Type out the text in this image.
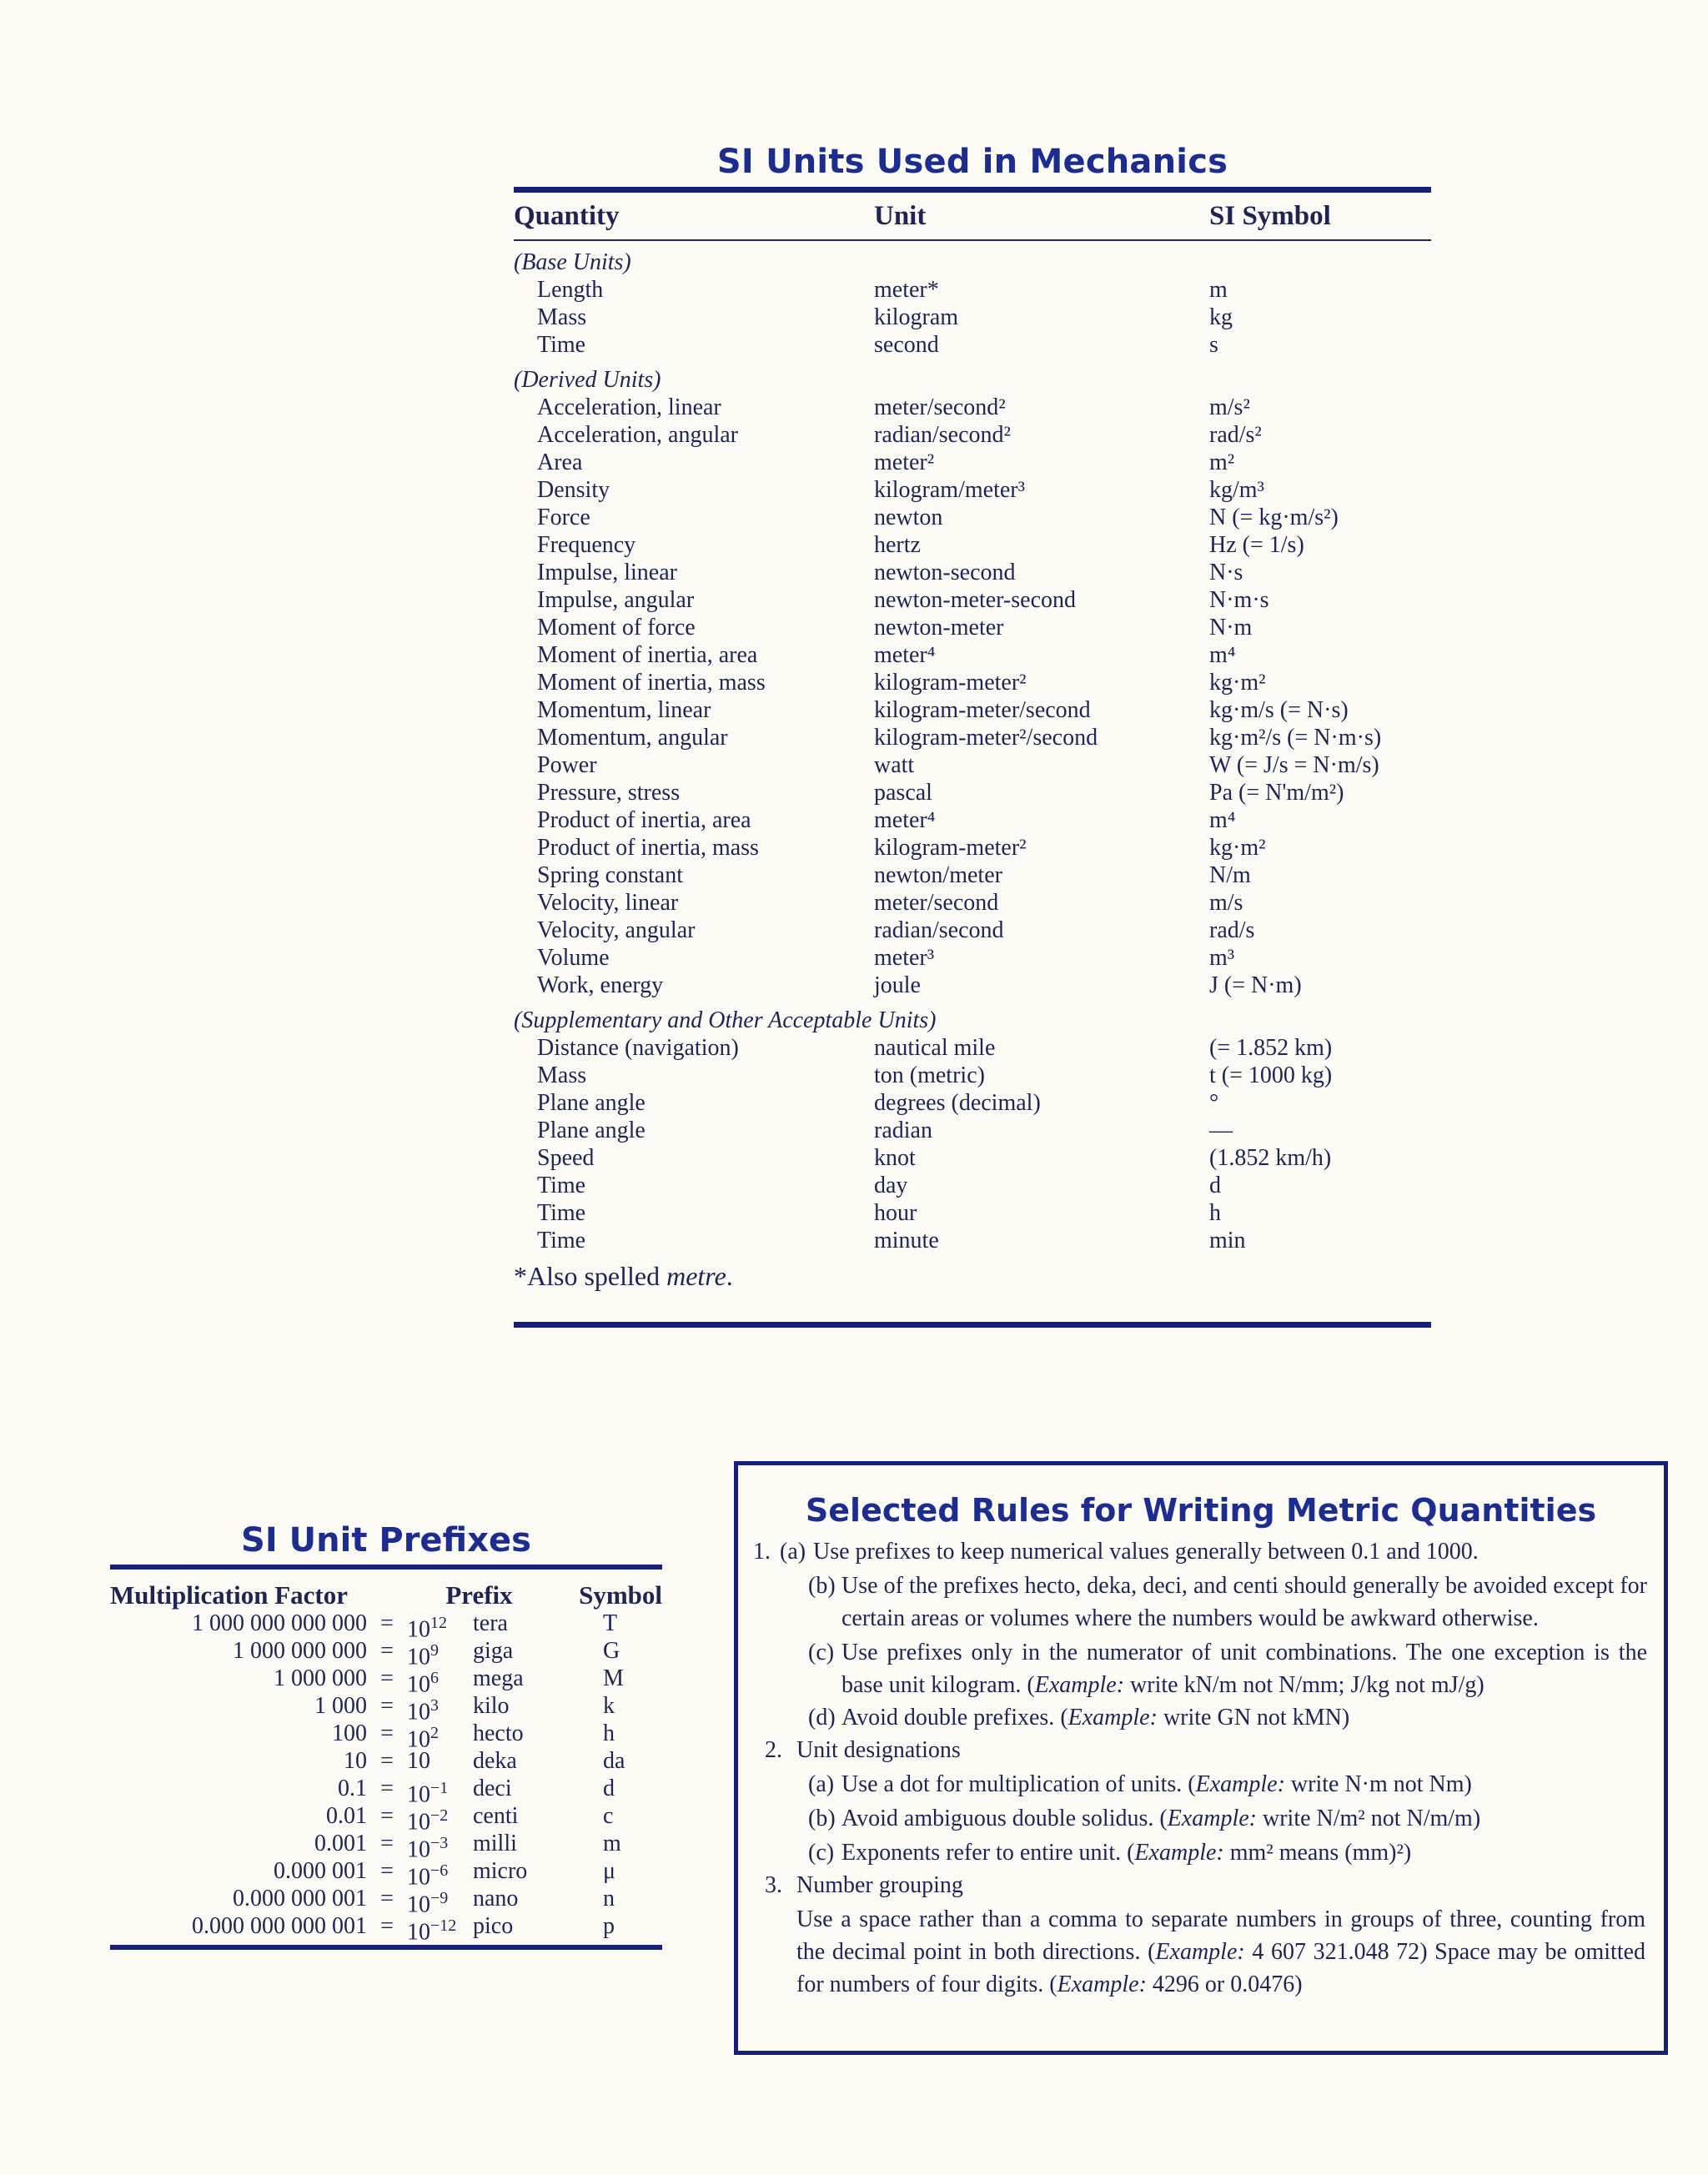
SI Units Used in Mechanics
Quantity	Unit	SI Symbol
(Base Units)
Length	meter*	m
Mass	kilogram	kg
Time	second	s
(Derived Units)
Acceleration, linear	meter/second²	m/s²
Acceleration, angular	radian/second²	rad/s²
Area	meter²	m²
Density	kilogram/meter³	kg/m³
Force	newton	N (= kg·m/s²)
Frequency	hertz	Hz (= 1/s)
Impulse, linear	newton-second	N·s
Impulse, angular	newton-meter-second	N·m·s
Moment of force	newton-meter	N·m
Moment of inertia, area	meter⁴	m⁴
Moment of inertia, mass	kilogram-meter²	kg·m²
Momentum, linear	kilogram-meter/second	kg·m/s (= N·s)
Momentum, angular	kilogram-meter²/second	kg·m²/s (= N·m·s)
Power	watt	W (= J/s = N·m/s)
Pressure, stress	pascal	Pa (= N'm/m²)
Product of inertia, area	meter⁴	m⁴
Product of inertia, mass	kilogram-meter²	kg·m²
Spring constant	newton/meter	N/m
Velocity, linear	meter/second	m/s
Velocity, angular	radian/second	rad/s
Volume	meter³	m³
Work, energy	joule	J (= N·m)
(Supplementary and Other Acceptable Units)
Distance (navigation)	nautical mile	(= 1.852 km)
Mass	ton (metric)	t (= 1000 kg)
Plane angle	degrees (decimal)	°
Plane angle	radian	—
Speed	knot	(1.852 km/h)
Time	day	d
Time	hour	h
Time	minute	min
*Also spelled metre.
SI Unit Prefixes
Multiplication Factor	Prefix	Symbol
1 000 000 000 $000 = 10^{12}$	tera	T
1 000 000 $000 = 10^9$	giga	G
1 000 $000 = 10^6$	mega	M
1 $000 = 10^3$	kilo	k
$100 = 10^2$	hecto	h
10 = 10	deka	da
$0.1 = 10^{-1}$	deci	d
$0.01 = 10^{-2}$	centi	c
$0.001 = 10^{-3}$	milli	m
0.000 $001 = 10^{-6}$	micro	μ
0.000 000 $001 = 10^{-9}$	nano	n
0.000 000 000 $001 = 10^{-12}$ pico	p
Selected Rules for Writing Metric Quantities
1. (a) Use prefixes to keep numerical values generally between 0.1 and 1000.
(b) Use of the prefixes hecto, deka, deci, and centi should generally be avoided except for certain areas or volumes where the numbers would be awkward otherwise.
(c) Use prefixes only in the numerator of unit combinations. The one exception is the base unit kilogram. (Example: write kN/m not N/mm; J/kg not mJ/g)
(d) Avoid double prefixes. (Example: write GN not kMN)
2. Unit designations
(a) Use a dot for multiplication of units. (Example: write N·m not Nm)
(b) Avoid ambiguous double solidus. (Example: write N/m² not N/m/m)
(c) Exponents refer to entire unit. (Example: mm² means (mm)²)
3. Number grouping
Use a space rather than a comma to separate numbers in groups of three, counting from the decimal point in both directions. (Example: 4 607 321.048 72) Space may be omitted for numbers of four digits. (Example: 4296 or 0.0476)
